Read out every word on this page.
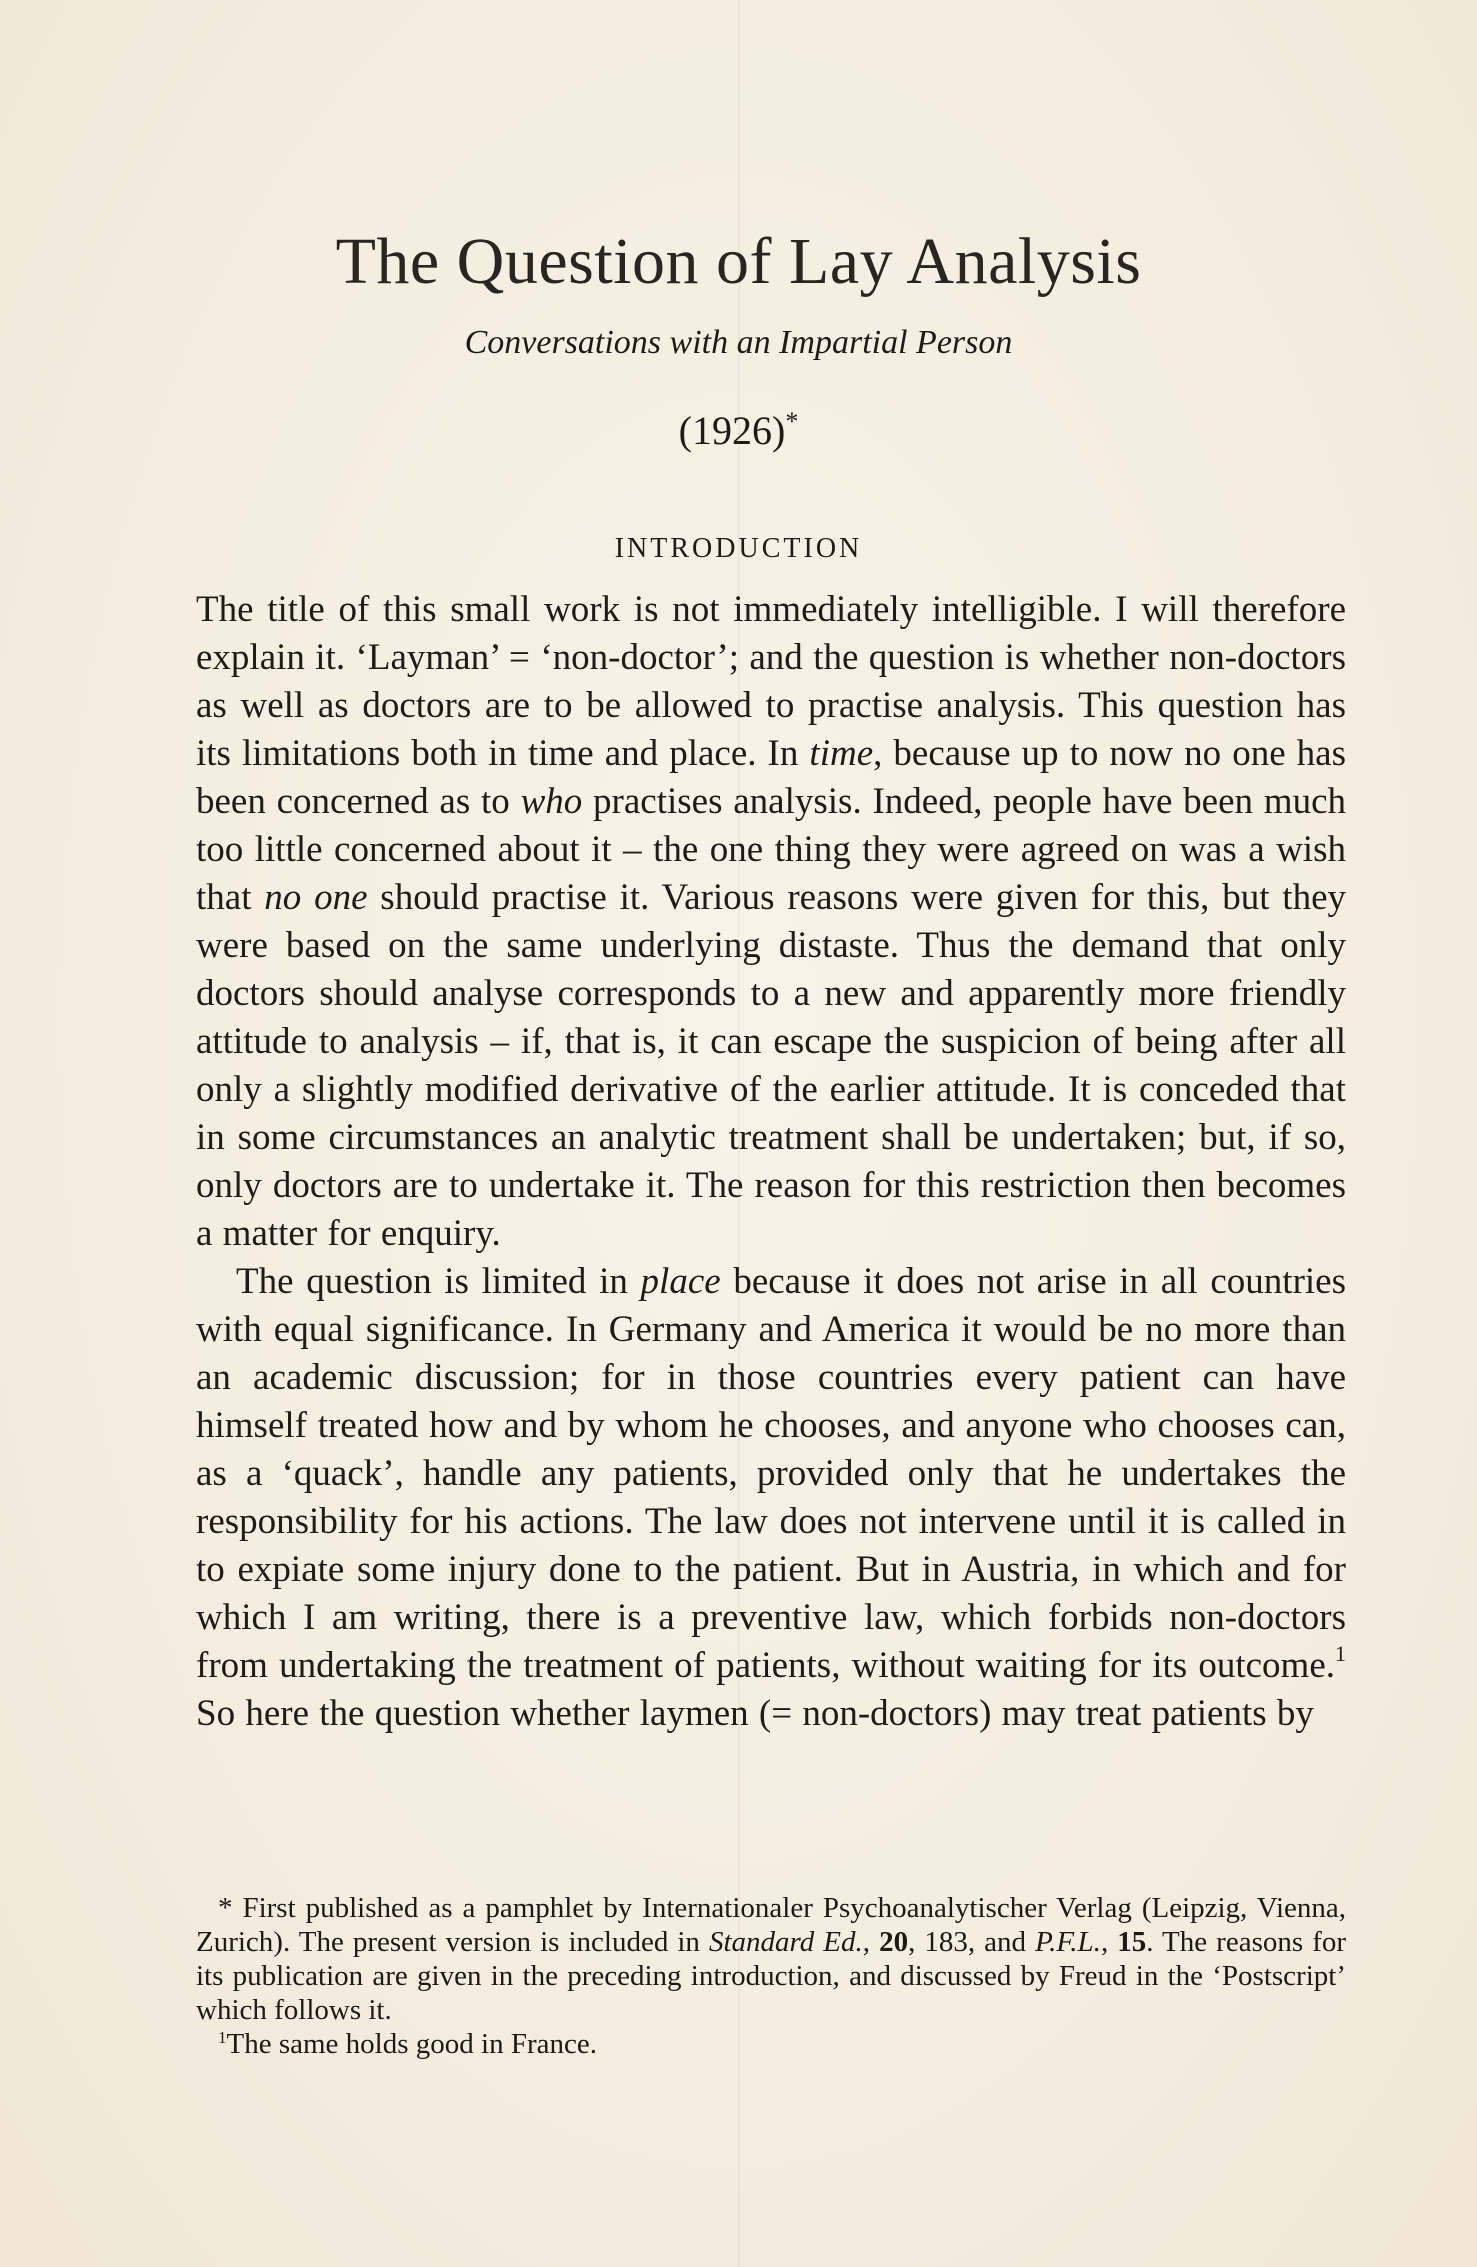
The Question of Lay Analysis
Conversations with an Impartial Person
(1926)*
INTRODUCTION

The title of this small work is not immediately intelligible. I will therefore explain it. ‘Layman’ = ‘non-doctor’; and the question is whether non-doctors as well as doctors are to be allowed to practise analysis. This question has its limitations both in time and place. In time, because up to now no one has been concerned as to who practises analysis. Indeed, people have been much too little concerned about it – the one thing they were agreed on was a wish that no one should practise it. Various reasons were given for this, but they were based on the same underlying distaste. Thus the demand that only doctors should analyse corresponds to a new and apparently more friendly attitude to analysis – if, that is, it can escape the suspicion of being after all only a slightly modified derivative of the earlier attitude. It is conceded that in some circumstances an analytic treatment shall be undertaken; but, if so, only doctors are to undertake it. The reason for this restriction then becomes a matter for enquiry.

The question is limited in place because it does not arise in all countries with equal significance. In Germany and America it would be no more than an academic discussion; for in those countries every patient can have himself treated how and by whom he chooses, and anyone who chooses can, as a ‘quack’, handle any patients, provided only that he undertakes the responsibility for his actions. The law does not intervene until it is called in to expiate some injury done to the patient. But in Austria, in which and for which I am writing, there is a preventive law, which forbids non-doctors from undertaking the treatment of patients, without waiting for its outcome.$^1$ So here the question whether laymen (= non-doctors) may treat patients by

* First published as a pamphlet by Internationaler Psychoanalytischer Verlag (Leipzig, Vienna, Zurich). The present version is included in Standard Ed., 20, 183, and P.F.L., 15. The reasons for its publication are given in the preceding introduction, and discussed by Freud in the ‘Postscript’ which follows it.

$^1$The same holds good in France.
